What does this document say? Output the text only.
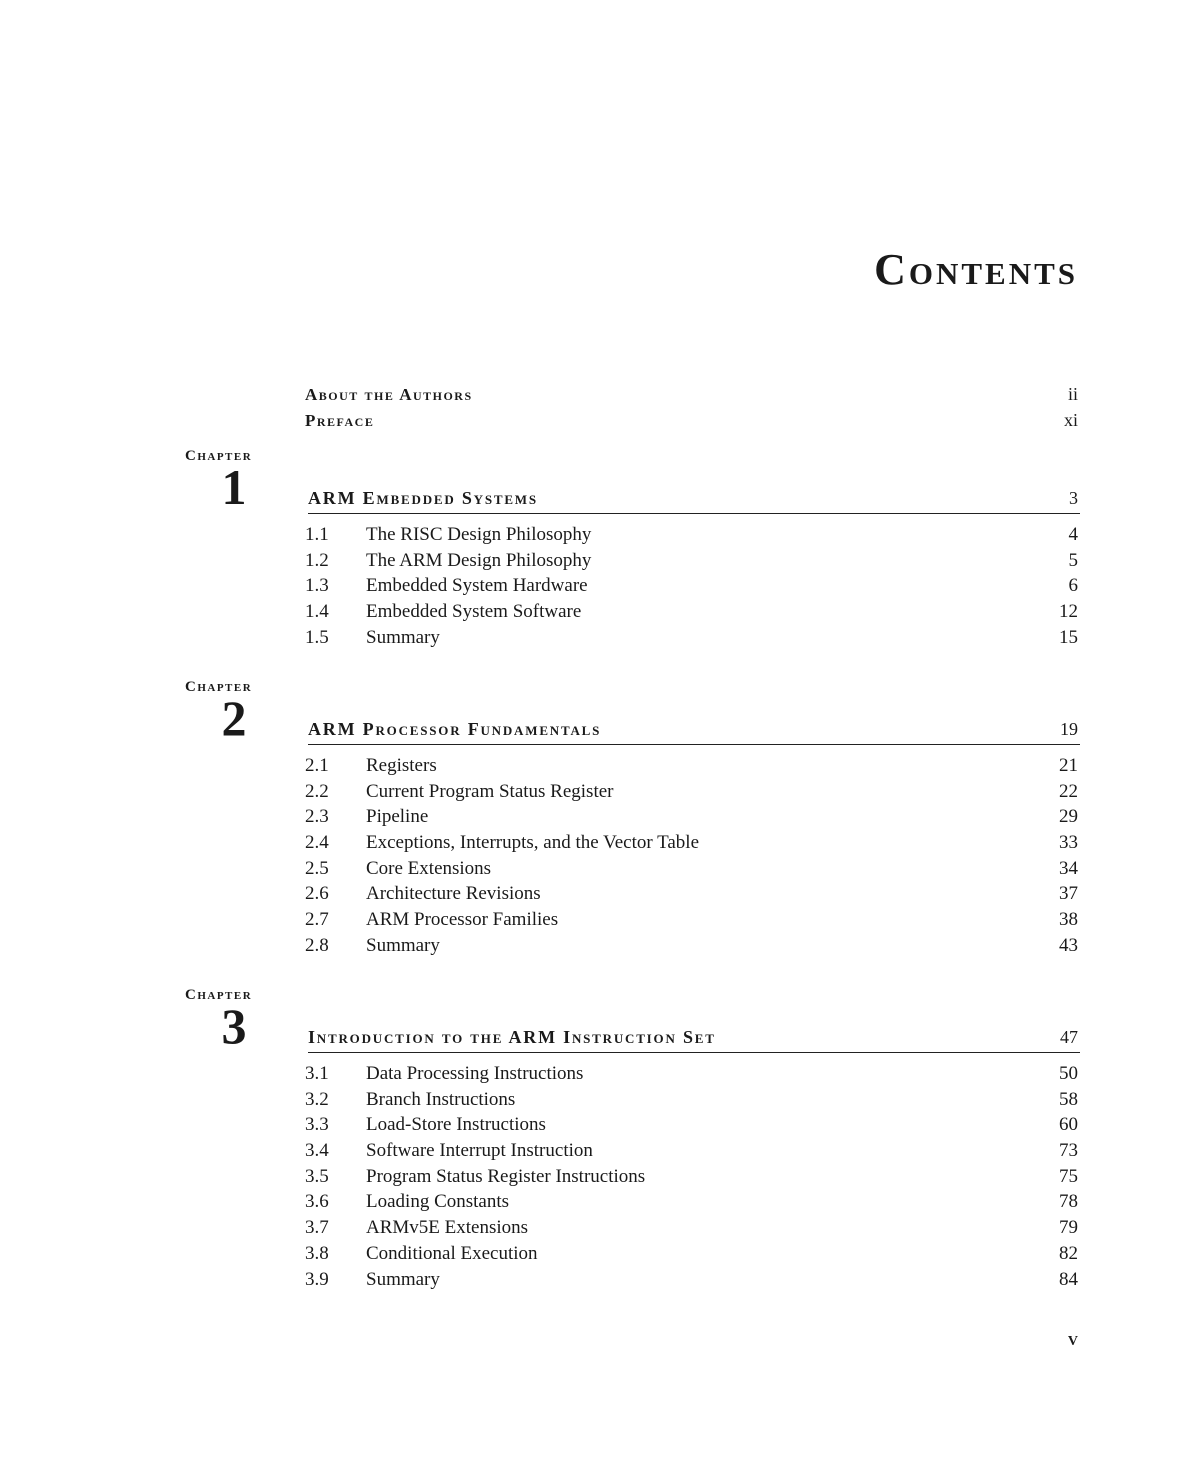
Contents
About the Authors	ii
Preface	xi
Chapter
1	ARM Embedded Systems	3
1.1	The RISC Design Philosophy	4
1.2	The ARM Design Philosophy	5
1.3	Embedded System Hardware	6
1.4	Embedded System Software	12
1.5	Summary	15
Chapter
2	ARM Processor Fundamentals	19
2.1	Registers	21
2.2	Current Program Status Register	22
2.3	Pipeline	29
2.4	Exceptions, Interrupts, and the Vector Table	33
2.5	Core Extensions	34
2.6	Architecture Revisions	37
2.7	ARM Processor Families	38
2.8	Summary	43
Chapter
3	Introduction to the ARM Instruction Set	47
3.1	Data Processing Instructions	50
3.2	Branch Instructions	58
3.3	Load-Store Instructions	60
3.4	Software Interrupt Instruction	73
3.5	Program Status Register Instructions	75
3.6	Loading Constants	78
3.7	ARMv5E Extensions	79
3.8	Conditional Execution	82
3.9	Summary	84
v
